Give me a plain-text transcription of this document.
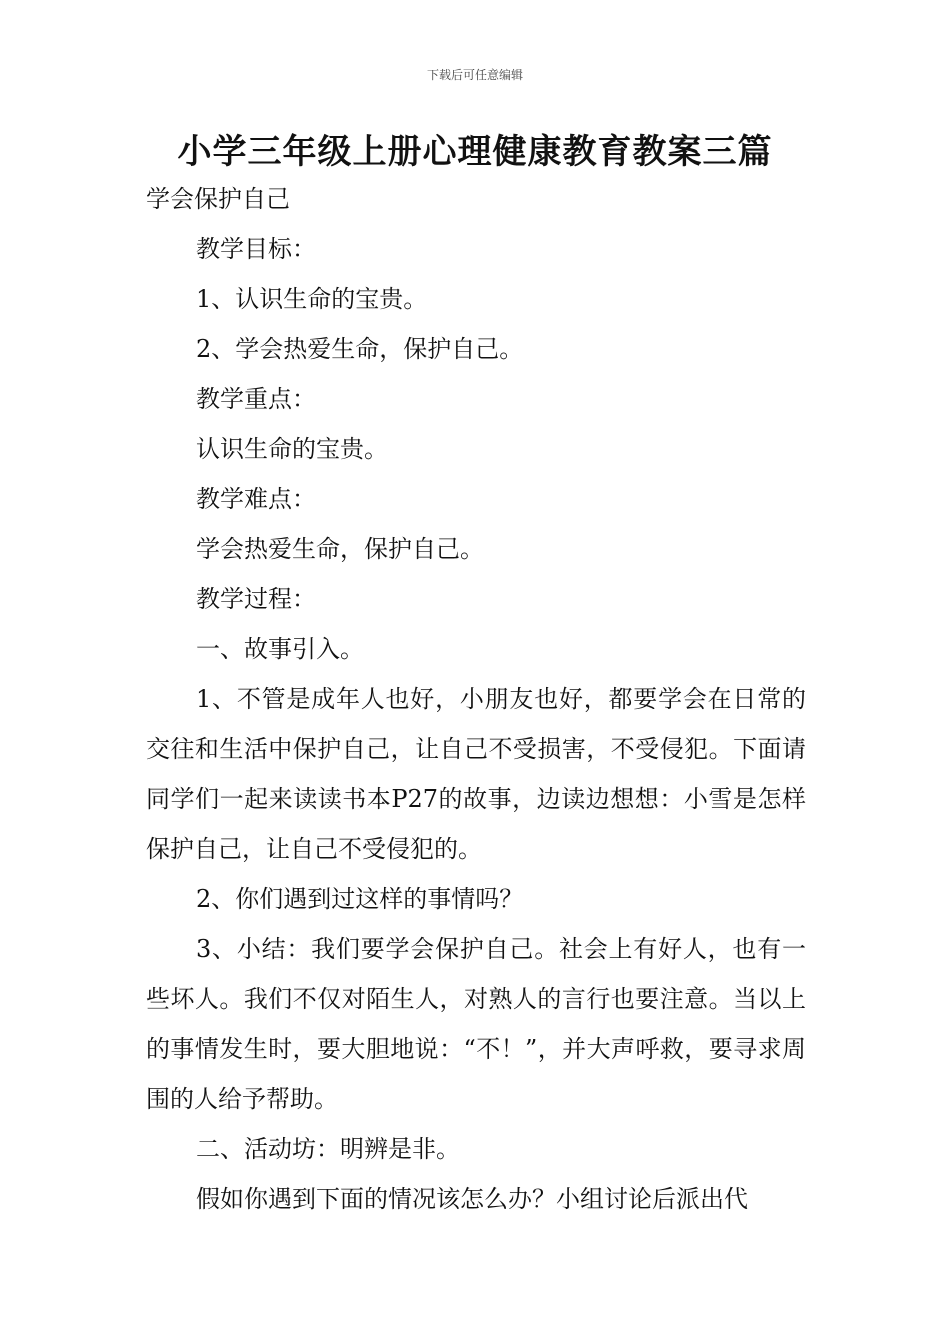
下载后可任意编辑
小学三年级上册心理健康教育教案三篇

学会保护自己

教学目标：

1、认识生命的宝贵。

2、学会热爱生命，保护自己。

教学重点：

认识生命的宝贵。

教学难点：

学会热爱生命，保护自己。

教学过程：

一、故事引入。

1、不管是成年人也好，小朋友也好，都要学会在日常的交往和生活中保护自己，让自己不受损害，不受侵犯。下面请同学们一起来读读书本P27的故事，边读边想想：小雪是怎样保护自己，让自己不受侵犯的。

2、你们遇到过这样的事情吗？

3、小结：我们要学会保护自己。社会上有好人，也有一些坏人。我们不仅对陌生人，对熟人的言行也要注意。当以上的事情发生时，要大胆地说：“不！”，并大声呼救，要寻求周围的人给予帮助。

二、活动坊：明辨是非。

假如你遇到下面的情况该怎么办？小组讨论后派出代
